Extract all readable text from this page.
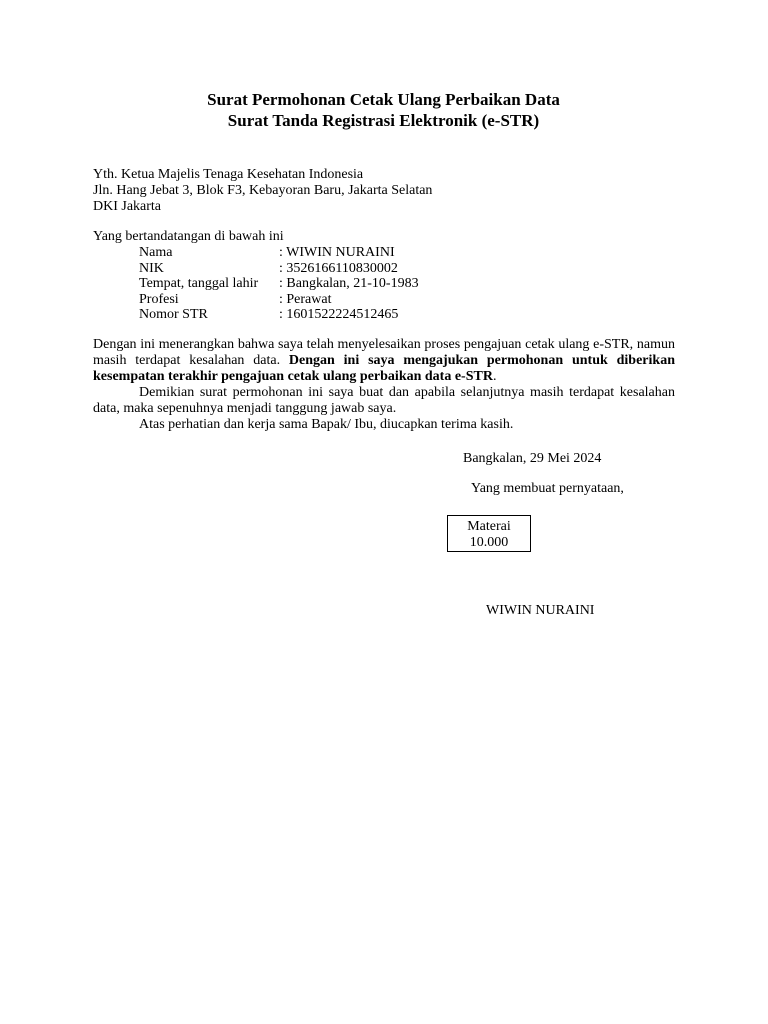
Surat Permohonan Cetak Ulang Perbaikan Data
Surat Tanda Registrasi Elektronik (e-STR)
Yth. Ketua Majelis Tenaga Kesehatan Indonesia
Jln. Hang Jebat 3, Blok F3, Kebayoran Baru, Jakarta Selatan
DKI Jakarta
Yang bertandatangan di bawah ini
Nama	: WIWIN NURAINI
NIK	: 3526166110830002
Tempat, tanggal lahir : Bangkalan, 21-10-1983
Profesi	: Perawat
Nomor STR	: 1601522224512465

Dengan ini menerangkan bahwa saya telah menyelesaikan proses pengajuan cetak ulang e-STR, namun masih terdapat kesalahan data. Dengan ini saya mengajukan permohonan untuk diberikan kesempatan terakhir pengajuan cetak ulang perbaikan data e-STR.

Demikian surat permohonan ini saya buat dan apabila selanjutnya masih terdapat kesalahan data, maka sepenuhnya menjadi tanggung jawab saya.

Atas perhatian dan kerja sama Bapak/ Ibu, diucapkan terima kasih.

Bangkalan, 29 Mei 2024
Yang membuat pernyataan,
Materai
10.000
WIWIN NURAINI
